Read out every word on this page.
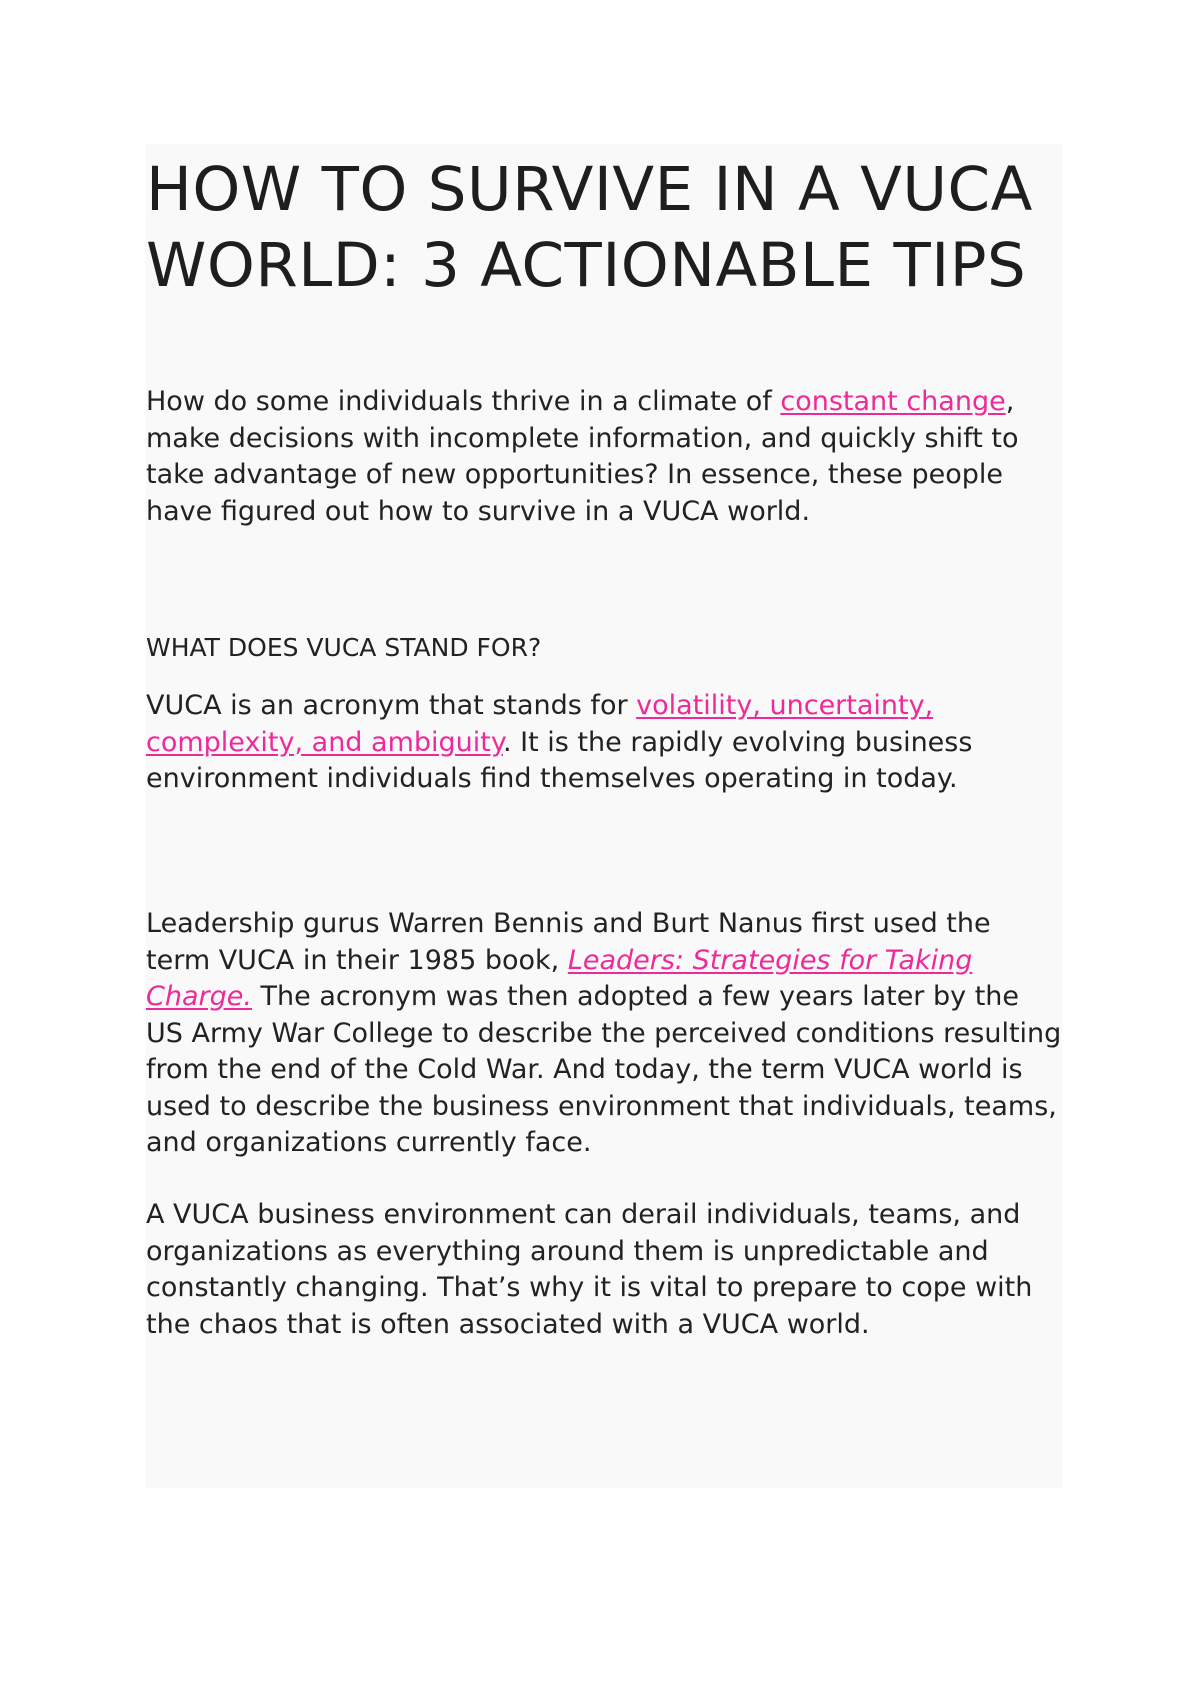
HOW TO SURVIVE IN A VUCA WORLD: 3 ACTIONABLE TIPS

How do some individuals thrive in a climate of constant change, make decisions with incomplete information, and quickly shift to take advantage of new opportunities? In essence, these people have figured out how to survive in a VUCA world.

WHAT DOES VUCA STAND FOR?

VUCA is an acronym that stands for volatility, uncertainty, complexity, and ambiguity. It is the rapidly evolving business environment individuals find themselves operating in today.

Leadership gurus Warren Bennis and Burt Nanus first used the term VUCA in their 1985 book, Leaders: Strategies for Taking Charge. The acronym was then adopted a few years later by the US Army War College to describe the perceived conditions resulting from the end of the Cold War. And today, the term VUCA world is used to describe the business environment that individuals, teams, and organizations currently face.

A VUCA business environment can derail individuals, teams, and organizations as everything around them is unpredictable and constantly changing. That’s why it is vital to prepare to cope with the chaos that is often associated with a VUCA world.
